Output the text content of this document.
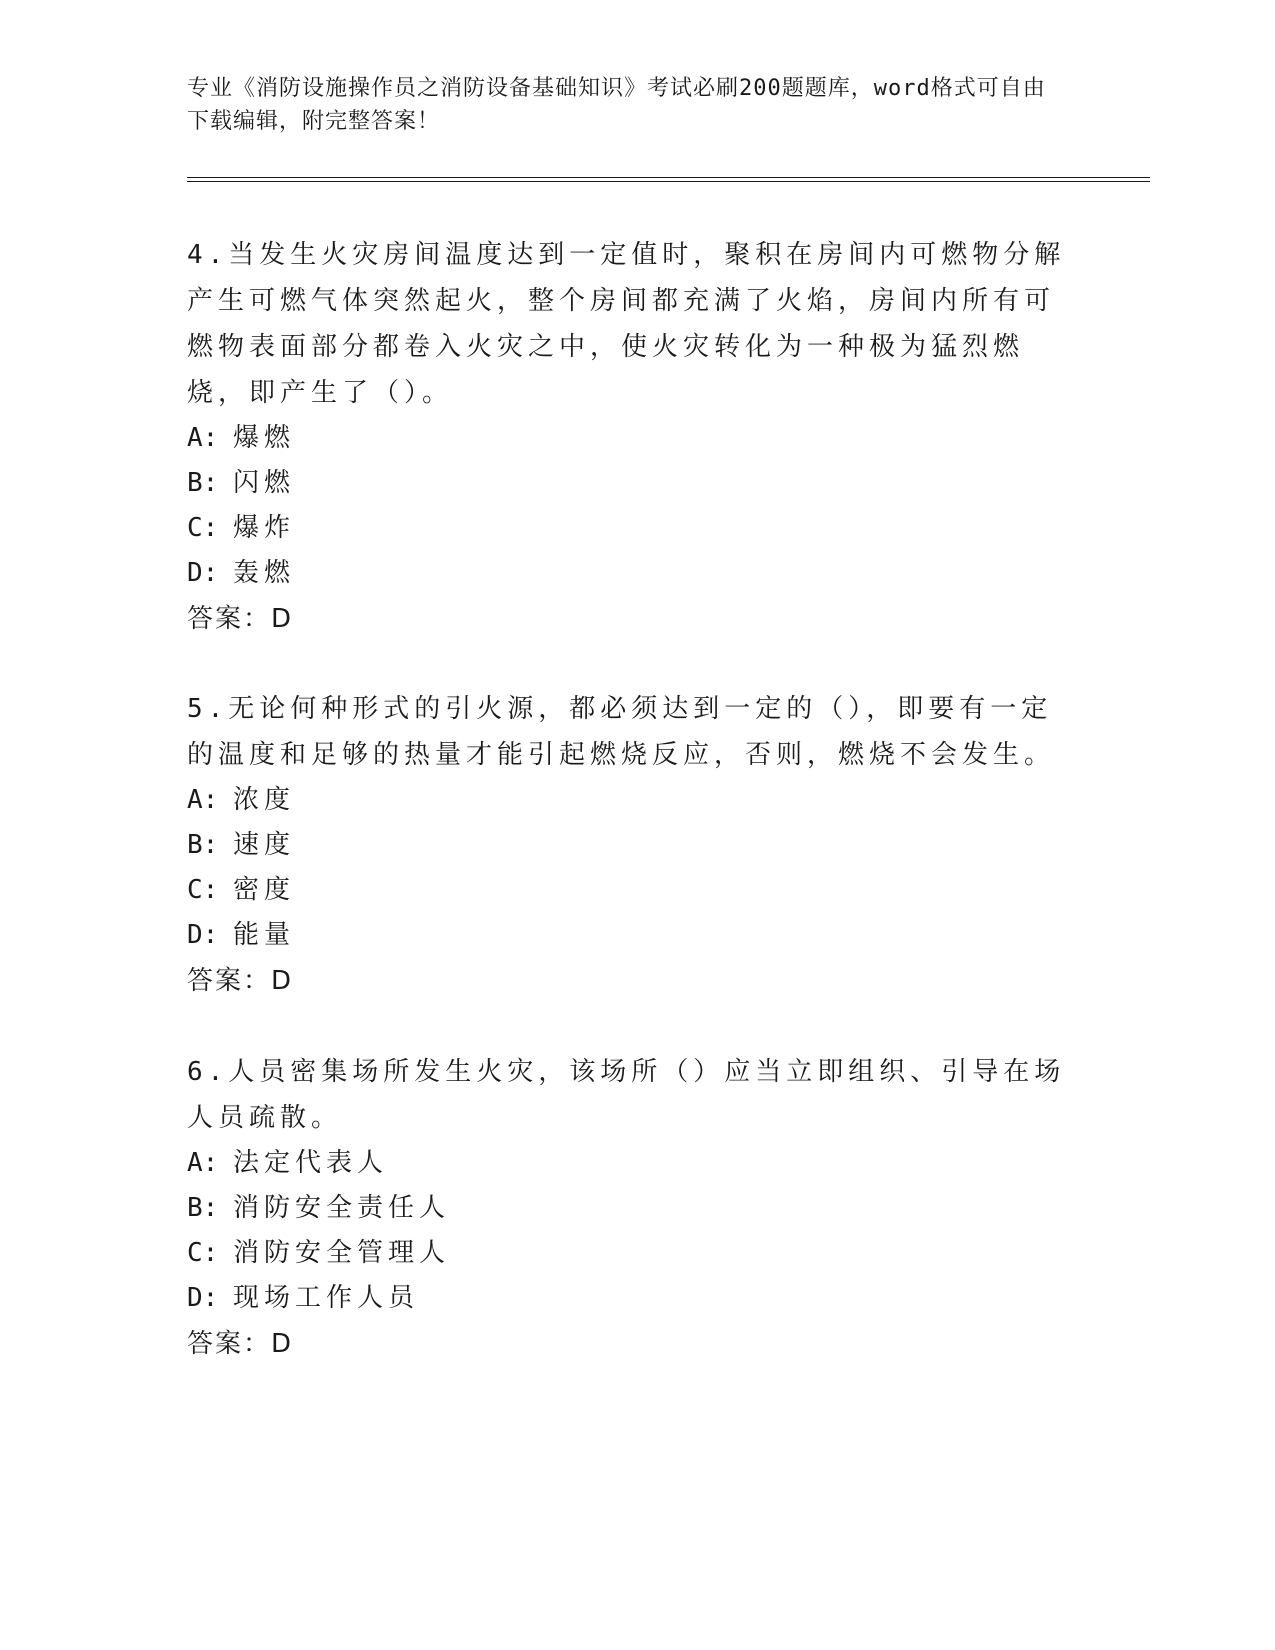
专业《消防设施操作员之消防设备基础知识》考试必刷200题题库，word格式可自由下载编辑，附完整答案！
4.当发生火灾房间温度达到一定值时，聚积在房间内可燃物分解产生可燃气体突然起火，整个房间都充满了火焰，房间内所有可燃物表面部分都卷入火灾之中，使火灾转化为一种极为猛烈燃烧，即产生了（）。
A: 爆燃
B: 闪燃
C: 爆炸
D: 轰燃
答案：D
5.无论何种形式的引火源，都必须达到一定的（），即要有一定的温度和足够的热量才能引起燃烧反应，否则，燃烧不会发生。
A: 浓度
B: 速度
C: 密度
D: 能量
答案：D
6.人员密集场所发生火灾，该场所（）应当立即组织、引导在场人员疏散。
A: 法定代表人
B: 消防安全责任人
C: 消防安全管理人
D: 现场工作人员
答案：D
